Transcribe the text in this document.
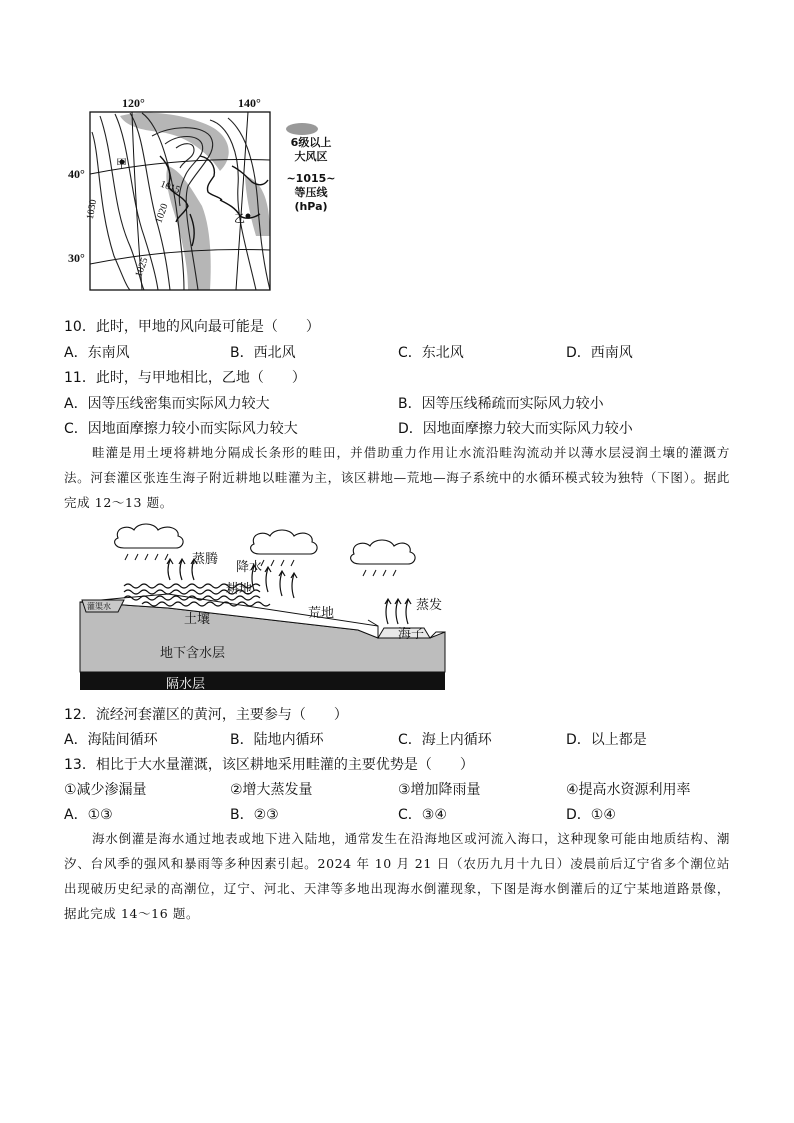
120°	140°
40°
30°
甲
乙
1015
1020
1025
1030
6级以上
大风区
~1015~
等压线
(hPa)
10．此时，甲地的风向最可能是（　　）
A．东南风	B．西北风	C．东北风	D．西南风
11．此时，与甲地相比，乙地（　　）
A．因等压线密集而实际风力较大	B．因等压线稀疏而实际风力较小
C．因地面摩擦力较小而实际风力较大	D．因地面摩擦力较大而实际风力较小
畦灌是用土埂将耕地分隔成长条形的畦田，并借助重力作用让水流沿畦沟流动并以薄水层浸润土壤的灌溉方法。河套灌区张连生海子附近耕地以畦灌为主，该区耕地—荒地—海子系统中的水循环模式较为独特（下图）。据此完成 12～13 题。
蒸腾
降水
耕地
荒地
蒸发
海子
灌渠水
土壤
地下含水层
隔水层
12．流经河套灌区的黄河，主要参与（　　）
A．海陆间循环	B．陆地内循环	C．海上内循环	D．以上都是
13．相比于大水量灌溉，该区耕地采用畦灌的主要优势是（　　）
①减少渗漏量	②增大蒸发量	③增加降雨量	④提高水资源利用率
A．①③	B．②③	C．③④	D．①④
海水倒灌是海水通过地表或地下进入陆地，通常发生在沿海地区或河流入海口，这种现象可能由地质结构、潮汐、台风季的强风和暴雨等多种因素引起。2024 年 10 月 21 日（农历九月十九日）凌晨前后辽宁省多个潮位站出现破历史纪录的高潮位，辽宁、河北、天津等多地出现海水倒灌现象，下图是海水倒灌后的辽宁某地道路景像，据此完成 14～16 题。
